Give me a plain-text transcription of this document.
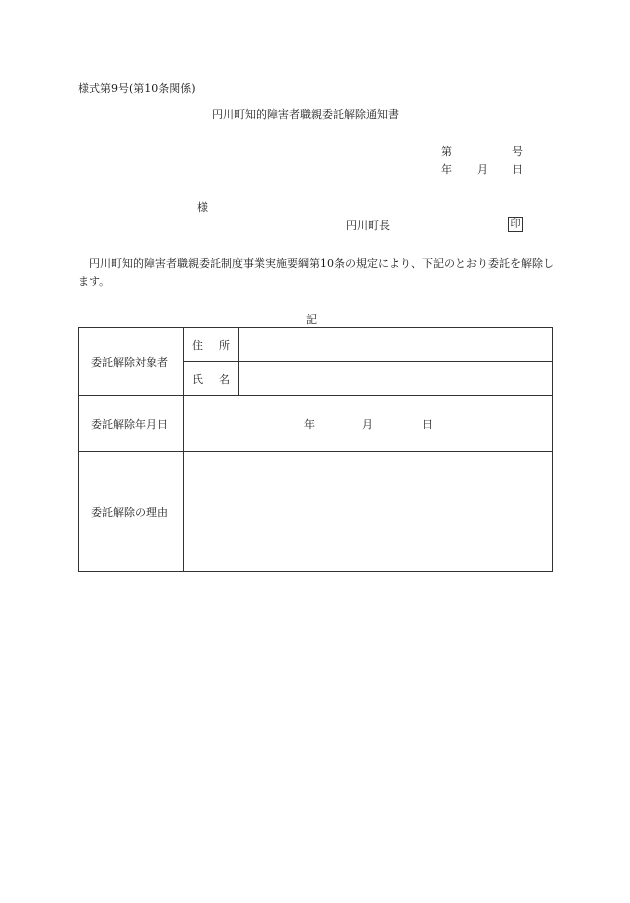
様式第9号(第10条関係)
円川町知的障害者職親委託解除通知書
第	号
年 月 日
様
円川町長	印
円川町知的障害者職親委託制度事業実施要綱第10条の規定により、下記のとおり委託を解除します。
記
委託解除対象者	住所	
	氏名	
委託解除年月日	年 月 日	
委託解除の理由		
